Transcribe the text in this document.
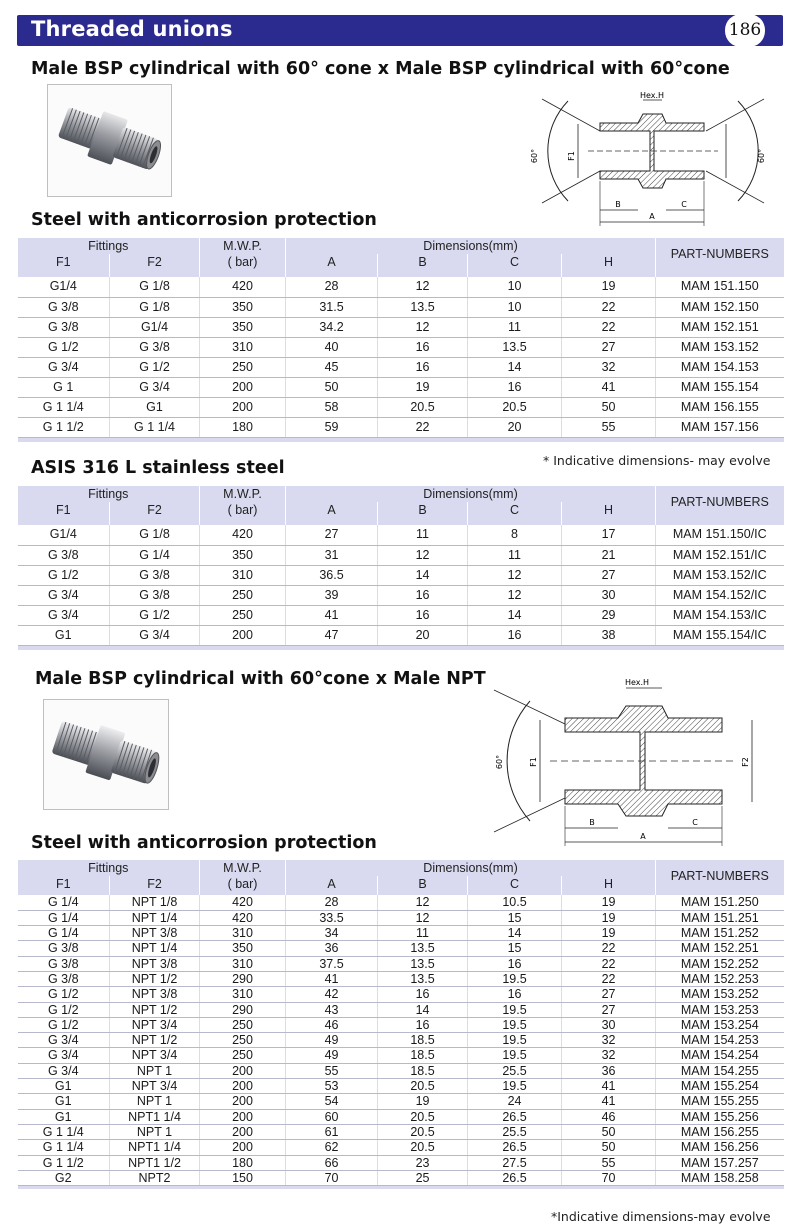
Threaded unions	186
Male BSP cylindrical with 60° cone x Male BSP cylindrical with 60°cone
F1
60°	60°
Hex.H
B	C
A
Steel with anticorrosion protection
Fittings		M.W.P.	Dimensions(mm)				PART-NUMBERS
F1	F2	( bar)	A	B	C	H	

G1/4	G 1/8	420	28	12	10	19	MAM 151.150
G 3/8	G 1/8	350	31.5	13.5	10	22	MAM 152.150
G 3/8	G1/4	350	34.2	12	11	22	MAM 152.151
G 1/2	G 3/8	310	40	16	13.5	27	MAM 153.152
G 3/4	G 1/2	250	45	16	14	32	MAM 154.153
G 1	G 3/4	200	50	19	16	41	MAM 155.154
G 1 1/4	G1	200	58	20.5	20.5	50	MAM 156.155
G 1 1/2	G 1 1/4	180	59	22	20	55	MAM 157.156

* Indicative dimensions- may evolve
ASIS 316 L stainless steel
Fittings		M.W.P.	Dimensions(mm)				PART-NUMBERS
F1	F2	( bar)	A	B	C	H	

G1/4	G 1/8	420	27	11	8	17	MAM 151.150/IC
G 3/8	G 1/4	350	31	12	11	21	MAM 152.151/IC
G 1/2	G 3/8	310	36.5	14	12	27	MAM 153.152/IC
G 3/4	G 3/8	250	39	16	12	30	MAM 154.152/IC
G 3/4	G 1/2	250	41	16	14	29	MAM 154.153/IC
G1	G 3/4	200	47	20	16	38	MAM 155.154/IC

Male BSP cylindrical with 60°cone x Male NPT
F1
60°	F2
Hex.H
B	C
A
Steel with anticorrosion protection
Fittings		M.W.P.	Dimensions(mm)				PART-NUMBERS
F1	F2	( bar)	A	B	C	H	

G 1/4	NPT 1/8	420	28	12	10.5	19	MAM 151.250
G 1/4	NPT 1/4	420	33.5	12	15	19	MAM 151.251
G 1/4	NPT 3/8	310	34	11	14	19	MAM 151.252
G 3/8	NPT 1/4	350	36	13.5	15	22	MAM 152.251
G 3/8	NPT 3/8	310	37.5	13.5	16	22	MAM 152.252
G 3/8	NPT 1/2	290	41	13.5	19.5	22	MAM 152.253
G 1/2	NPT 3/8	310	42	16	16	27	MAM 153.252
G 1/2	NPT 1/2	290	43	14	19.5	27	MAM 153.253
G 1/2	NPT 3/4	250	46	16	19.5	30	MAM 153.254
G 3/4	NPT 1/2	250	49	18.5	19.5	32	MAM 154.253
G 3/4	NPT 3/4	250	49	18.5	19.5	32	MAM 154.254
G 3/4	NPT 1	200	55	18.5	25.5	36	MAM 154.255
G1	NPT 3/4	200	53	20.5	19.5	41	MAM 155.254
G1	NPT 1	200	54	19	24	41	MAM 155.255
G1	NPT1 1/4	200	60	20.5	26.5	46	MAM 155.256
G 1 1/4	NPT 1	200	61	20.5	25.5	50	MAM 156.255
G 1 1/4	NPT1 1/4	200	62	20.5	26.5	50	MAM 156.256
G 1 1/2	NPT1 1/2	180	66	23	27.5	55	MAM 157.257
G2	NPT2	150	70	25	26.5	70	MAM 158.258

*Indicative dimensions-may evolve
